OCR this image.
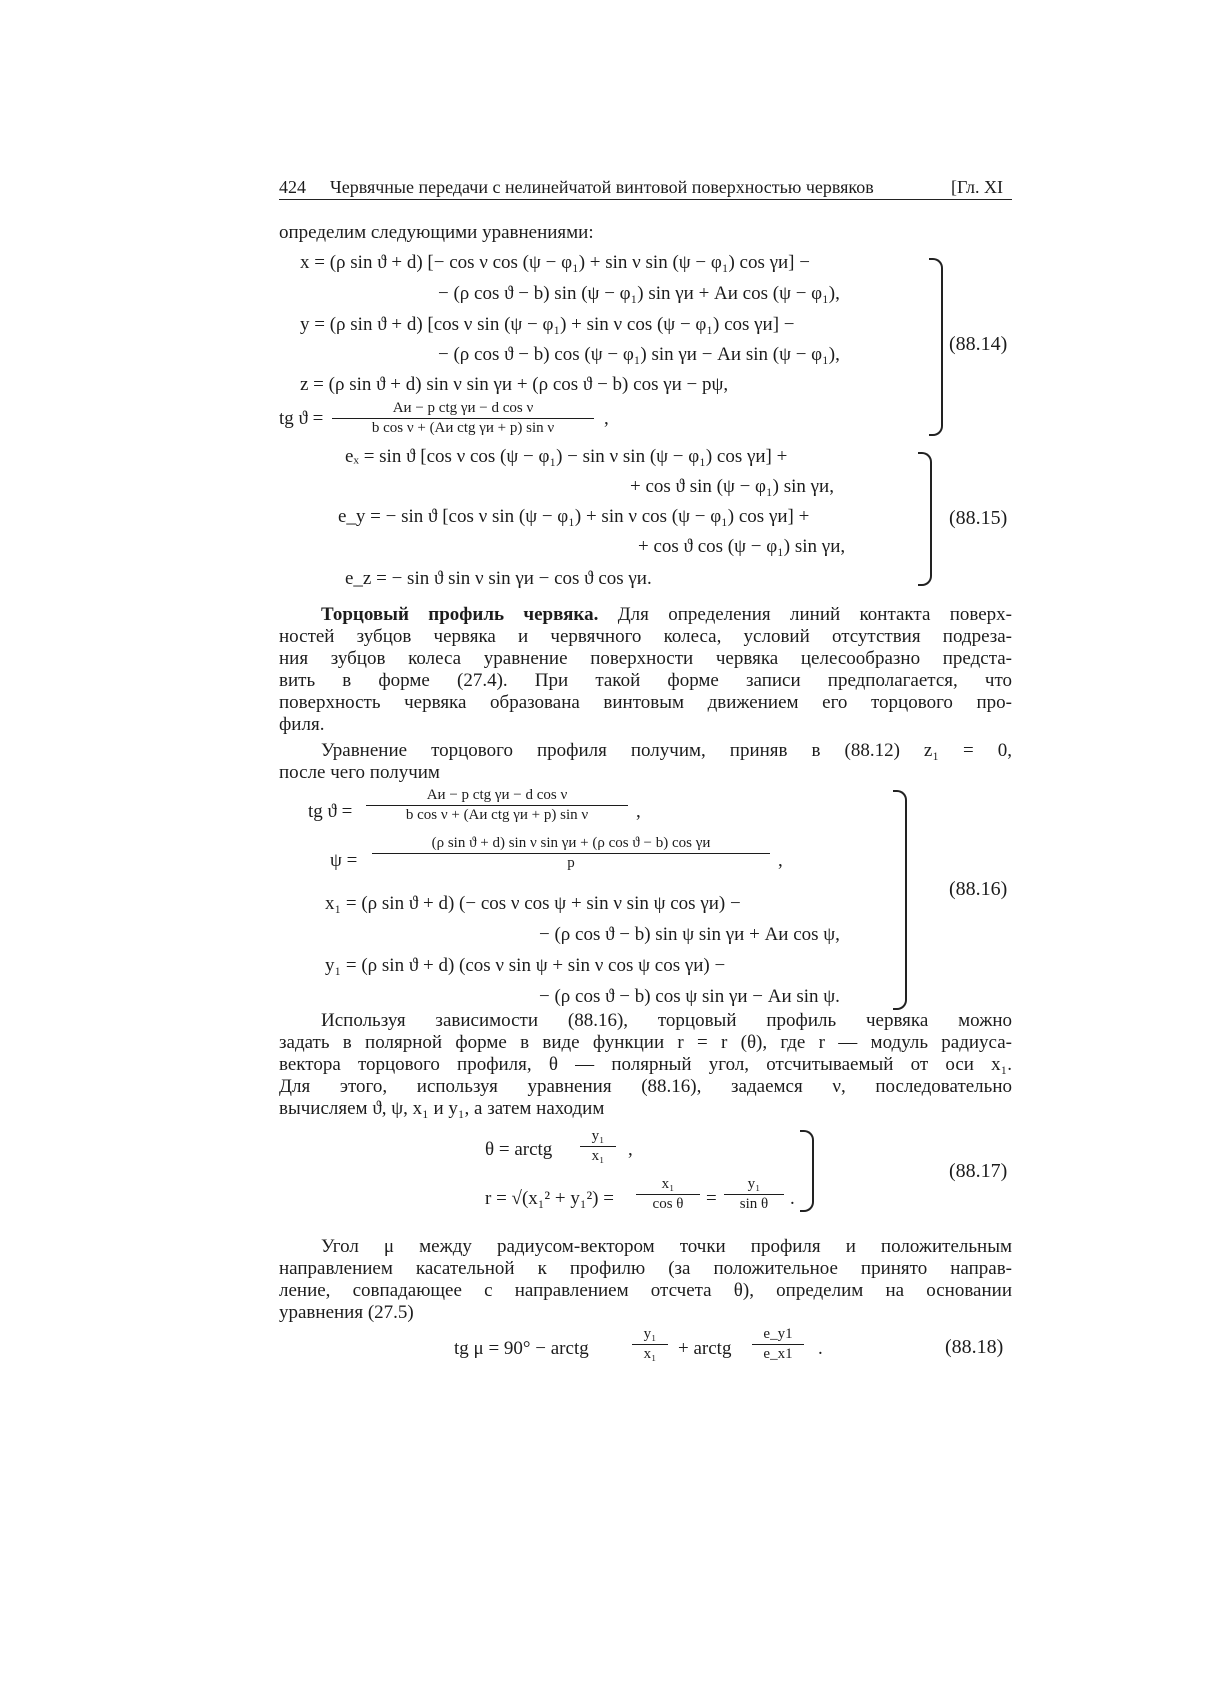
424 Червячные передачи с нелинейчатой винтовой поверхностью червяков	[Гл. XI
определим следующими уравнениями:
x = (ρ sin ϑ + d) [− cos ν cos (ψ − φ₁) + sin ν sin (ψ − φ₁) cos γи] −
− (ρ cos ϑ − b) sin (ψ − φ₁) sin γи + Aи cos (ψ − φ₁),
y = (ρ sin ϑ + d) [cos ν sin (ψ − φ₁) + sin ν cos (ψ − φ₁) cos γи] −
− (ρ cos ϑ − b) cos (ψ − φ₁) sin γи − Aи sin (ψ − φ₁),
z = (ρ sin ϑ + d) sin ν sin γи + (ρ cos ϑ − b) cos γи − pψ,
tg ϑ =	Aи − p ctg γи − d cos ν
b cos ν + (Aи ctg γи + p) sin ν	,
(88.14)
eₓ = sin ϑ [cos ν cos (ψ − φ₁) − sin ν sin (ψ − φ₁) cos γи] +
+ cos ϑ sin (ψ − φ₁) sin γи,
e_y = − sin ϑ [cos ν sin (ψ − φ₁) + sin ν cos (ψ − φ₁) cos γи] +
+ cos ϑ cos (ψ − φ₁) sin γи,
e_z = − sin ϑ sin ν sin γи − cos ϑ cos γи.
(88.15)
Торцовый профиль червяка. Для определения линий контакта поверх-
ностей зубцов червяка и червячного колеса, условий отсутствия подреза-
ния зубцов колеса уравнение поверхности червяка целесообразно предста-
вить в форме (27.4). При такой форме записи предполагается, что
поверхность червяка образована винтовым движением его торцового про-
филя.
Уравнение торцового профиля получим, приняв в (88.12) z₁ = 0,
после чего получим
tg ϑ =
Aи − p ctg γи − d cos ν
b cos ν + (Aи ctg γи + p) sin ν	,
ψ =
(ρ sin ϑ + d) sin ν sin γи + (ρ cos ϑ − b) cos γи
p	,
x₁ = (ρ sin ϑ + d) (− cos ν cos ψ + sin ν sin ψ cos γи) −
− (ρ cos ϑ − b) sin ψ sin γи + Aи cos ψ,
y₁ = (ρ sin ϑ + d) (cos ν sin ψ + sin ν cos ψ cos γи) −
− (ρ cos ϑ − b) cos ψ sin γи − Aи sin ψ.
(88.16)
Используя зависимости (88.16), торцовый профиль червяка можно
задать в полярной форме в виде функции r = r (θ), где r — модуль радиуса-
вектора торцового профиля, θ — полярный угол, отсчитываемый от оси x₁.
Для этого, используя уравнения (88.16), задаемся ν, последовательно
вычисляем ϑ, ψ, x₁ и y₁, а затем находим
θ = arctg $\frac{\text{y₁}}{\text{x₁}}$ ,
$r = √(x_1^2 + y_1^2) = \frac{\text{x₁}}{\text{cos θ}} = \frac{\text{y₁}}{\text{sin θ}}$ .
(88.17)
Угол μ между радиусом-вектором точки профиля и положительным
направлением касательной к профилю (за положительное принято направ-
ление, совпадающее с направлением отсчета θ), определим на основании
уравнения (27.5)
tg μ = 90° − arctg	$\frac{\text{y₁}}{\text{x₁}}$ + arctg $\frac{e\_y1}{e\_x1}$ .	(88.18)
